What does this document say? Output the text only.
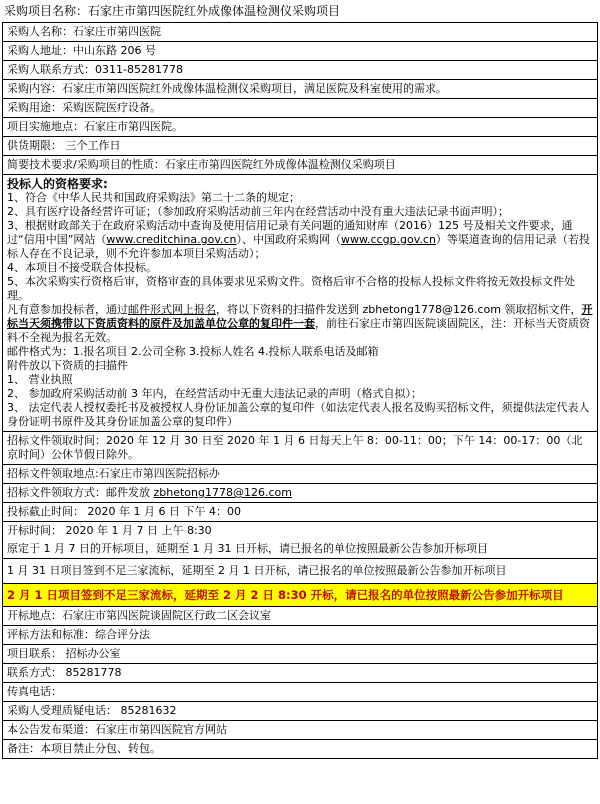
采购项目名称：石家庄市第四医院红外成像体温检测仪采购项目
采购人名称：石家庄市第四医院
采购人地址：中山东路 206 号
采购人联系方式：0311-85281778
采购内容：石家庄市第四医院红外成像体温检测仪采购项目，满足医院及科室使用的需求。
采购用途：采购医院医疗设备。
项目实施地点：石家庄市第四医院。
供货期限： 三个工作日
简要技术要求/采购项目的性质：石家庄市第四医院红外成像体温检测仪采购项目

投标人的资格要求:

1、符合《中华人民共和国政府采购法》第二十二条的规定；

2、具有医疗设备经营许可证；（参加政府采购活动前三年内在经营活动中没有重大违法记录书面声明）；

3、根据财政部关于在政府采购活动中查询及使用信用记录有关问题的通知财库（2016）125 号及相关文件要求，通过“信用中国”网站（www.creditchina.gov.cn）、中国政府采购网（www.ccgp.gov.cn）等渠道查询的信用记录（若投标人存在不良记录，则不允许参加本项目采购活动）；

4、本项目不接受联合体投标。

5、本次采购实行资格后审，资格审查的具体要求见采购文件。资格后审不合格的投标人投标文件将按无效投标文件处理。

凡有意参加投标者，通过邮件形式网上报名，将以下资料的扫描件发送到 zbhetong1778@126.com 领取招标文件，开标当天须携带以下资质资料的原件及加盖单位公章的复印件一套，前往石家庄市第四医院谈固院区，注：开标当天资质资料不全视为报名无效。

邮件格式为：1.报名项目 2.公司全称 3.投标人姓名 4.投标人联系电话及邮箱

附件放以下资质的扫描件

1、 营业执照

2、 参加政府采购活动前 3 年内，在经营活动中无重大违法记录的声明（格式自拟）；

3、 法定代表人授权委托书及被授权人身份证加盖公章的复印件（如法定代表人报名及购买招标文件，须提供法定代表人身份证明书原件及其身份证加盖公章的复印件）

招标文件领取时间：2020 年 12 月 30 日至 2020 年 1 月 6 日每天上午 8：00-11：00；下午 14：00-17：00（北京时间）公休节假日除外。
招标文件领取地点:石家庄市第四医院招标办
招标文件领取方式：邮件发放 zbhetong1778@126.com
投标截止时间： 2020 年 1 月 6 日 下午 4：00

开标时间： 2020 年 1 月 7 日 上午 8:30
原定于 1 月 7 日的开标项目，延期至 1 月 31 日开标，请已报名的单位按照最新公告参加开标项目

1 月 31 日项目签到不足三家流标，延期至 2 月 1 日开标，请已报名的单位按照最新公告参加开标项目
2 月 1 日项目签到不足三家流标，延期至 2 月 2 日 8:30 开标，请已报名的单位按照最新公告参加开标项目
开标地点：石家庄市第四医院谈固院区行政二区会议室
评标方法和标准：综合评分法
项目联系： 招标办公室
联系方式： 85281778
传真电话：
采购人受理质疑电话： 85281632
本公告发布渠道：石家庄市第四医院官方网站
备注：本项目禁止分包、转包。
